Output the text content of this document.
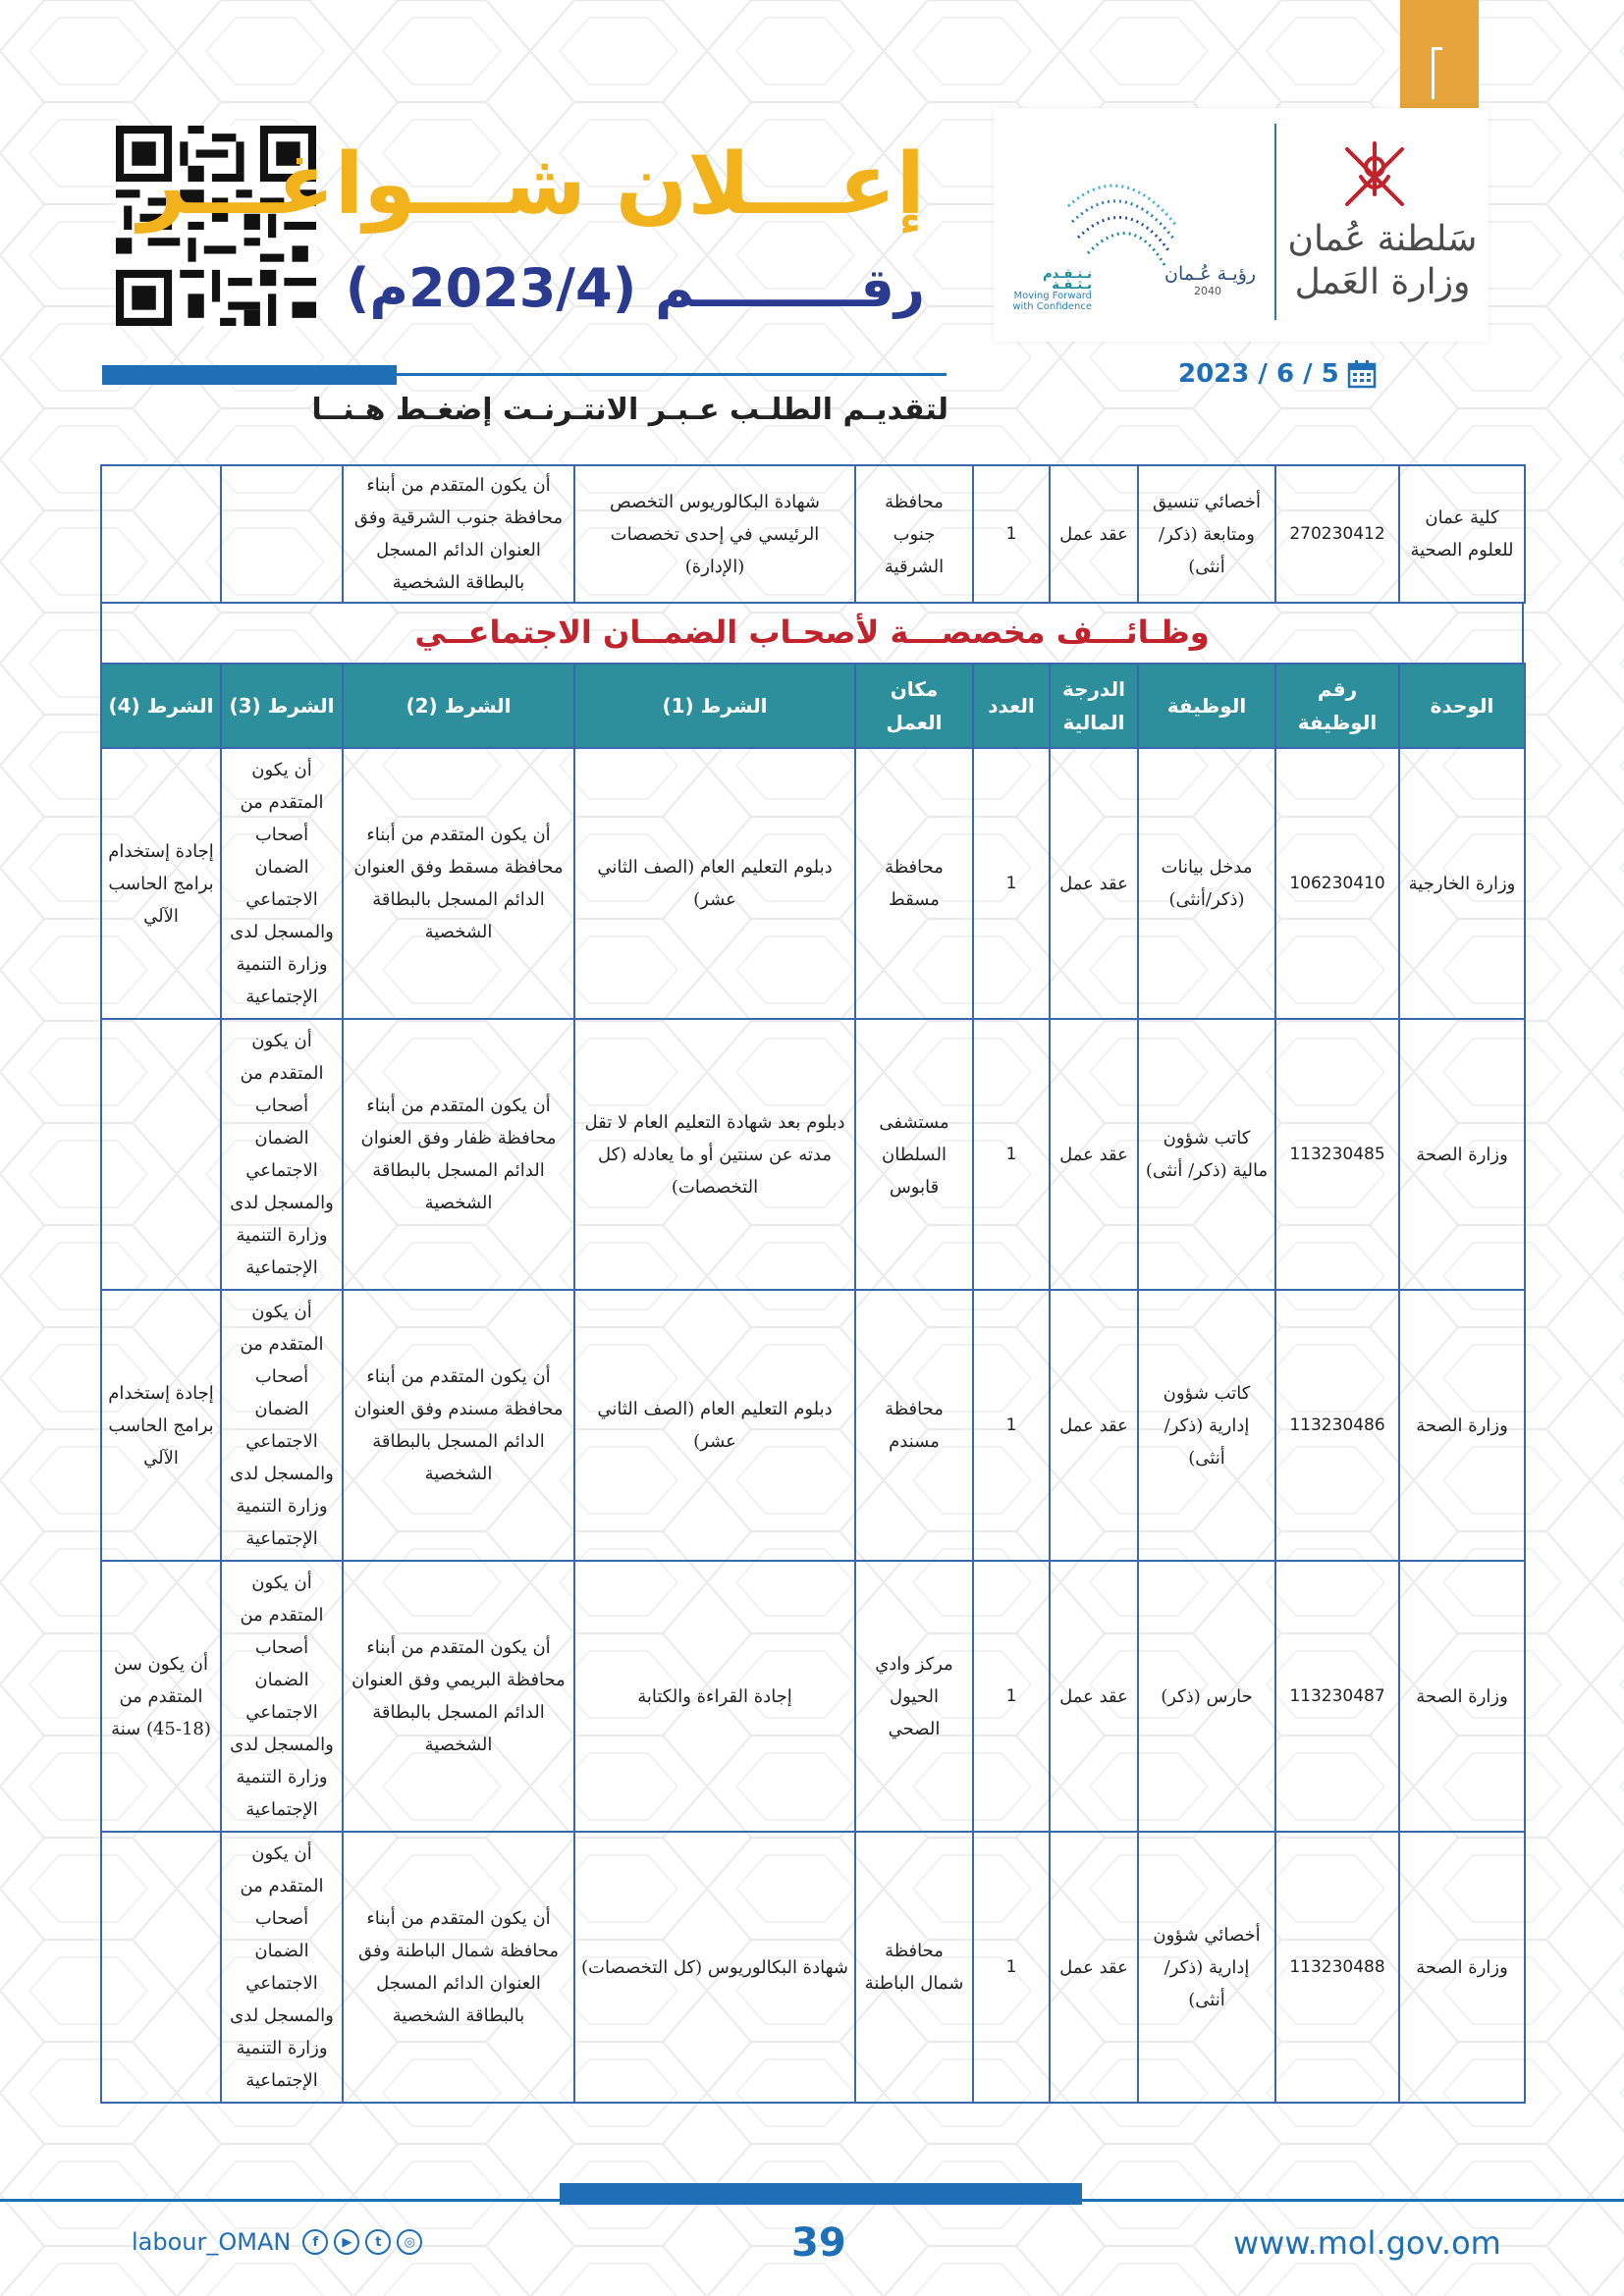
إعـــلان شـــواغـــر
رقـــــــــم (2023/4م)
سَلطنة عُمان
وزارة العَمل
رؤيـة عُـمان
2040
نـتـقـدم بـثـقـة
Moving Forward with Confidence
لتقديـم الطلـب عـبـر الانتـرنـت إضغـط هـنــا
2023 / 6 / 5
كلية عمان للعلوم الصحية	270230412	أخصائي تنسيق ومتابعة (ذكر/ أنثى)	عقد عمل	1	محافظة جنوب الشرقية	شهادة البكالوريوس التخصص الرئيسي في إحدى تخصصات (الإدارة)	أن يكون المتقدم من أبناء محافظة جنوب الشرقية وفق العنوان الدائم المسجل بالبطاقة الشخصية		
وظـائـــف مخصصـــة لأصحـاب الضمــان الاجتماعــي
الوحدة	رقم الوظيفة	الوظيفة	الدرجة المالية	العدد	مكان العمل	الشرط (1)	الشرط (2)	الشرط (3)	الشرط (4)
وزارة الخارجية	106230410	مدخل بيانات (ذكر/أنثى)	عقد عمل	1	محافظة مسقط	دبلوم التعليم العام (الصف الثاني عشر)	أن يكون المتقدم من أبناء محافظة مسقط وفق العنوان الدائم المسجل بالبطاقة الشخصية	أن يكون المتقدم من أصحاب الضمان الاجتماعي والمسجل لدى وزارة التنمية الإجتماعية	إجادة إستخدام برامج الحاسب الآلي
وزارة الصحة	113230485	كاتب شؤون مالية (ذكر/ أنثى)	عقد عمل	1	مستشفى السلطان قابوس	دبلوم بعد شهادة التعليم العام لا تقل مدته عن سنتين أو ما يعادله (كل التخصصات)	أن يكون المتقدم من أبناء محافظة ظفار وفق العنوان الدائم المسجل بالبطاقة الشخصية	أن يكون المتقدم من أصحاب الضمان الاجتماعي والمسجل لدى وزارة التنمية الإجتماعية	
وزارة الصحة	113230486	كاتب شؤون إدارية (ذكر/ أنثى)	عقد عمل	1	محافظة مسندم	دبلوم التعليم العام (الصف الثاني عشر)	أن يكون المتقدم من أبناء محافظة مسندم وفق العنوان الدائم المسجل بالبطاقة الشخصية	أن يكون المتقدم من أصحاب الضمان الاجتماعي والمسجل لدى وزارة التنمية الإجتماعية	إجادة إستخدام برامج الحاسب الآلي
وزارة الصحة	113230487	حارس (ذكر)	عقد عمل	1	مركز وادي الحيول الصحي	إجادة القراءة والكتابة	أن يكون المتقدم من أبناء محافظة البريمي وفق العنوان الدائم المسجل بالبطاقة الشخصية	أن يكون المتقدم من أصحاب الضمان الاجتماعي والمسجل لدى وزارة التنمية الإجتماعية	أن يكون سن المتقدم من (18-45) سنة
وزارة الصحة	113230488	أخصائي شؤون إدارية (ذكر/ أنثى)	عقد عمل	1	محافظة شمال الباطنة	شهادة البكالوريوس (كل التخصصات)	أن يكون المتقدم من أبناء محافظة شمال الباطنة وفق العنوان الدائم المسجل بالبطاقة الشخصية	أن يكون المتقدم من أصحاب الضمان الاجتماعي والمسجل لدى وزارة التنمية الإجتماعية	
39	www.mol.gov.om
labour_OMAN	f	▶	t	◎
